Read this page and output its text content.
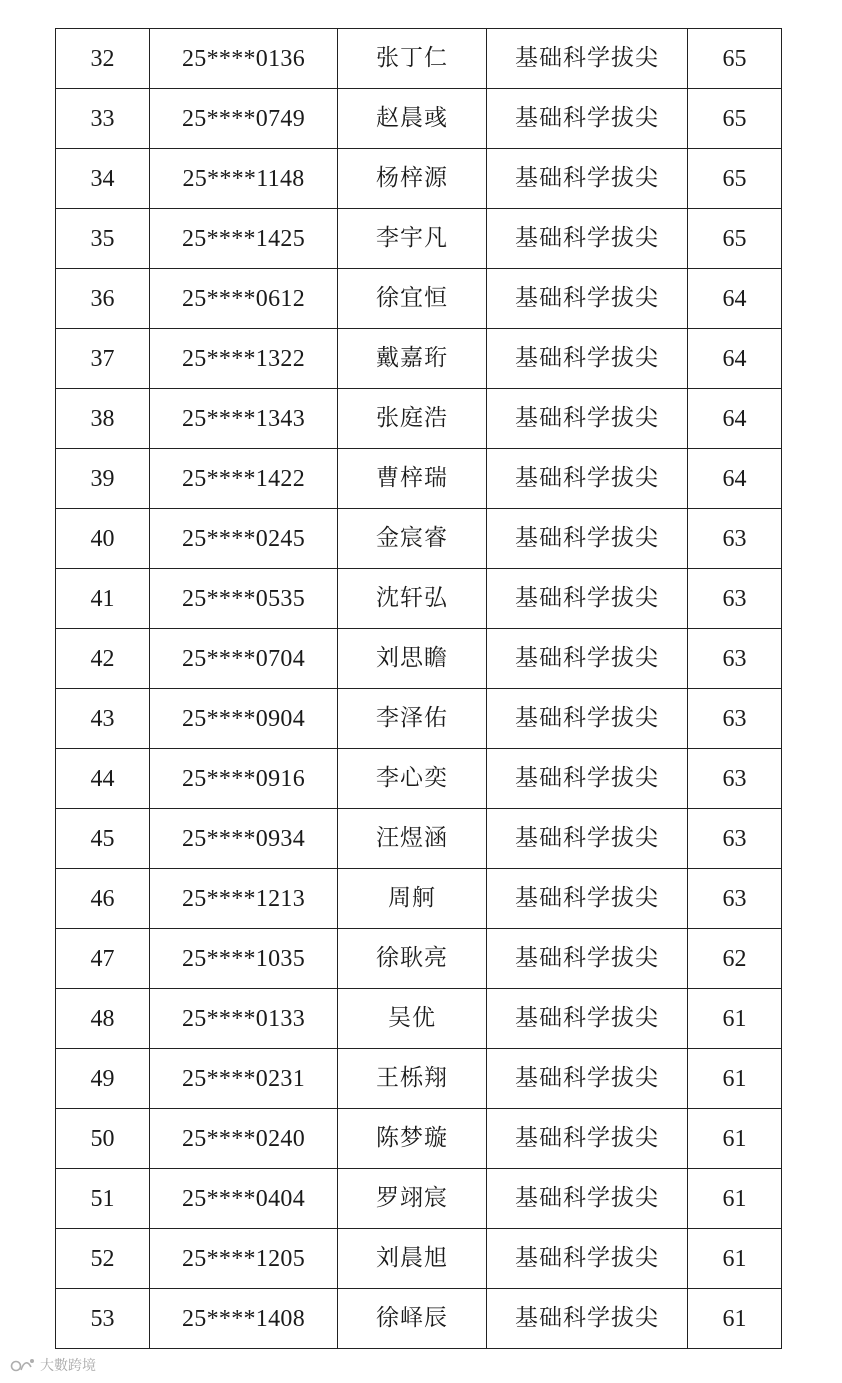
32	25****0136	张丁仁	基础科学拔尖	65
33	25****0749	赵晨彧	基础科学拔尖	65
34	25****1148	杨梓源	基础科学拔尖	65
35	25****1425	李宇凡	基础科学拔尖	65
36	25****0612	徐宜恒	基础科学拔尖	64
37	25****1322	戴嘉珩	基础科学拔尖	64
38	25****1343	张庭浩	基础科学拔尖	64
39	25****1422	曹梓瑞	基础科学拔尖	64
40	25****0245	金宸睿	基础科学拔尖	63
41	25****0535	沈轩弘	基础科学拔尖	63
42	25****0704	刘思瞻	基础科学拔尖	63
43	25****0904	李泽佑	基础科学拔尖	63
44	25****0916	李心奕	基础科学拔尖	63
45	25****0934	汪煜涵	基础科学拔尖	63
46	25****1213	周舸	基础科学拔尖	63
47	25****1035	徐耿亮	基础科学拔尖	62
48	25****0133	吴优	基础科学拔尖	61
49	25****0231	王栎翔	基础科学拔尖	61
50	25****0240	陈梦璇	基础科学拔尖	61
51	25****0404	罗翊宸	基础科学拔尖	61
52	25****1205	刘晨旭	基础科学拔尖	61
53	25****1408	徐峄辰	基础科学拔尖	61
大數跨境
